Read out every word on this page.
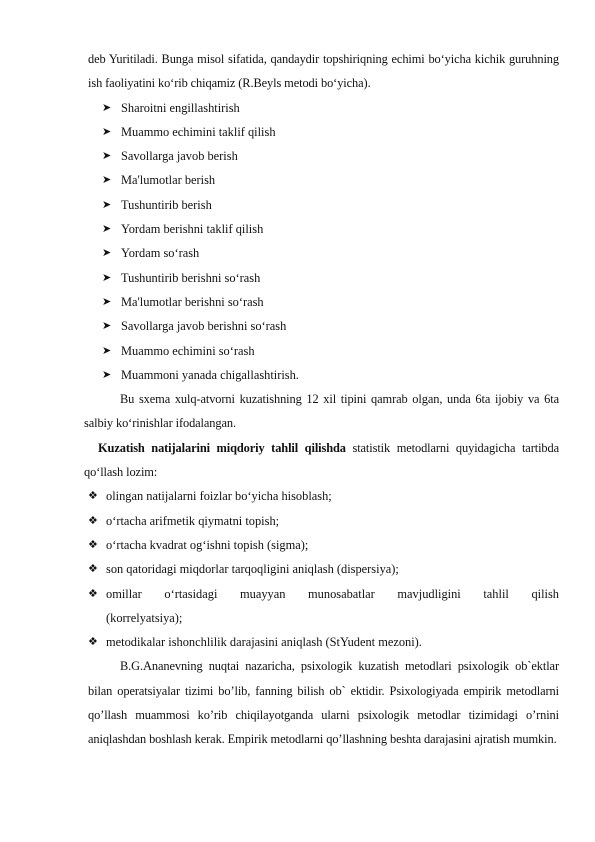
deb Yuritiladi. Bunga misol sifatida, qandaydir topshiriqning echimi bo‘yicha kichik guruhning ish faoliyatini ko‘rib chiqamiz (R.Beyls metodi bo‘yicha).

➤ Sharoitni engillashtirish
➤ Muammo echimini taklif qilish
➤ Savollarga javob berish
➤ Ma'lumotlar berish
➤ Tushuntirib berish
➤ Yordam berishni taklif qilish
➤ Yordam so‘rash
➤ Tushuntirib berishni so‘rash
➤ Ma'lumotlar berishni so‘rash
➤ Savollarga javob berishni so‘rash
➤ Muammo echimini so‘rash
➤ Muammoni yanada chigallashtirish.

Bu sxema xulq-atvorni kuzatishning 12 xil tipini qamrab olgan, unda 6ta ijobiy va 6ta salbiy ko‘rinishlar ifodalangan.

Kuzatish natijalarini miqdoriy tahlil qilishda statistik metodlarni quyidagicha tartibda qo‘llash lozim:

❖ olingan natijalarni foizlar bo‘yicha hisoblash;
❖ o‘rtacha arifmetik qiymatni topish;
❖ o‘rtacha kvadrat og‘ishni topish (sigma);
❖ son qatoridagi miqdorlar tarqoqligini aniqlash (dispersiya);
❖ omillar o‘rtasidagi muayyan munosabatlar mavjudligini tahlil qilish
(korrelyatsiya);
❖ metodikalar ishonchlilik darajasini aniqlash (StYudent mezoni).

B.G.Ananevning nuqtai nazaricha, psixologik kuzatish metodlari psixologik ob`ektlar bilan operatsiyalar tizimi bo’lib, fanning bilish ob` ektidir. Psixologiyada empirik metodlarni qo’llash muammosi ko’rib chiqilayotganda ularni psixologik metodlar tizimidagi o’rnini aniqlashdan boshlash kerak. Empirik metodlarni qo’llashning beshta darajasini ajratish mumkin.
